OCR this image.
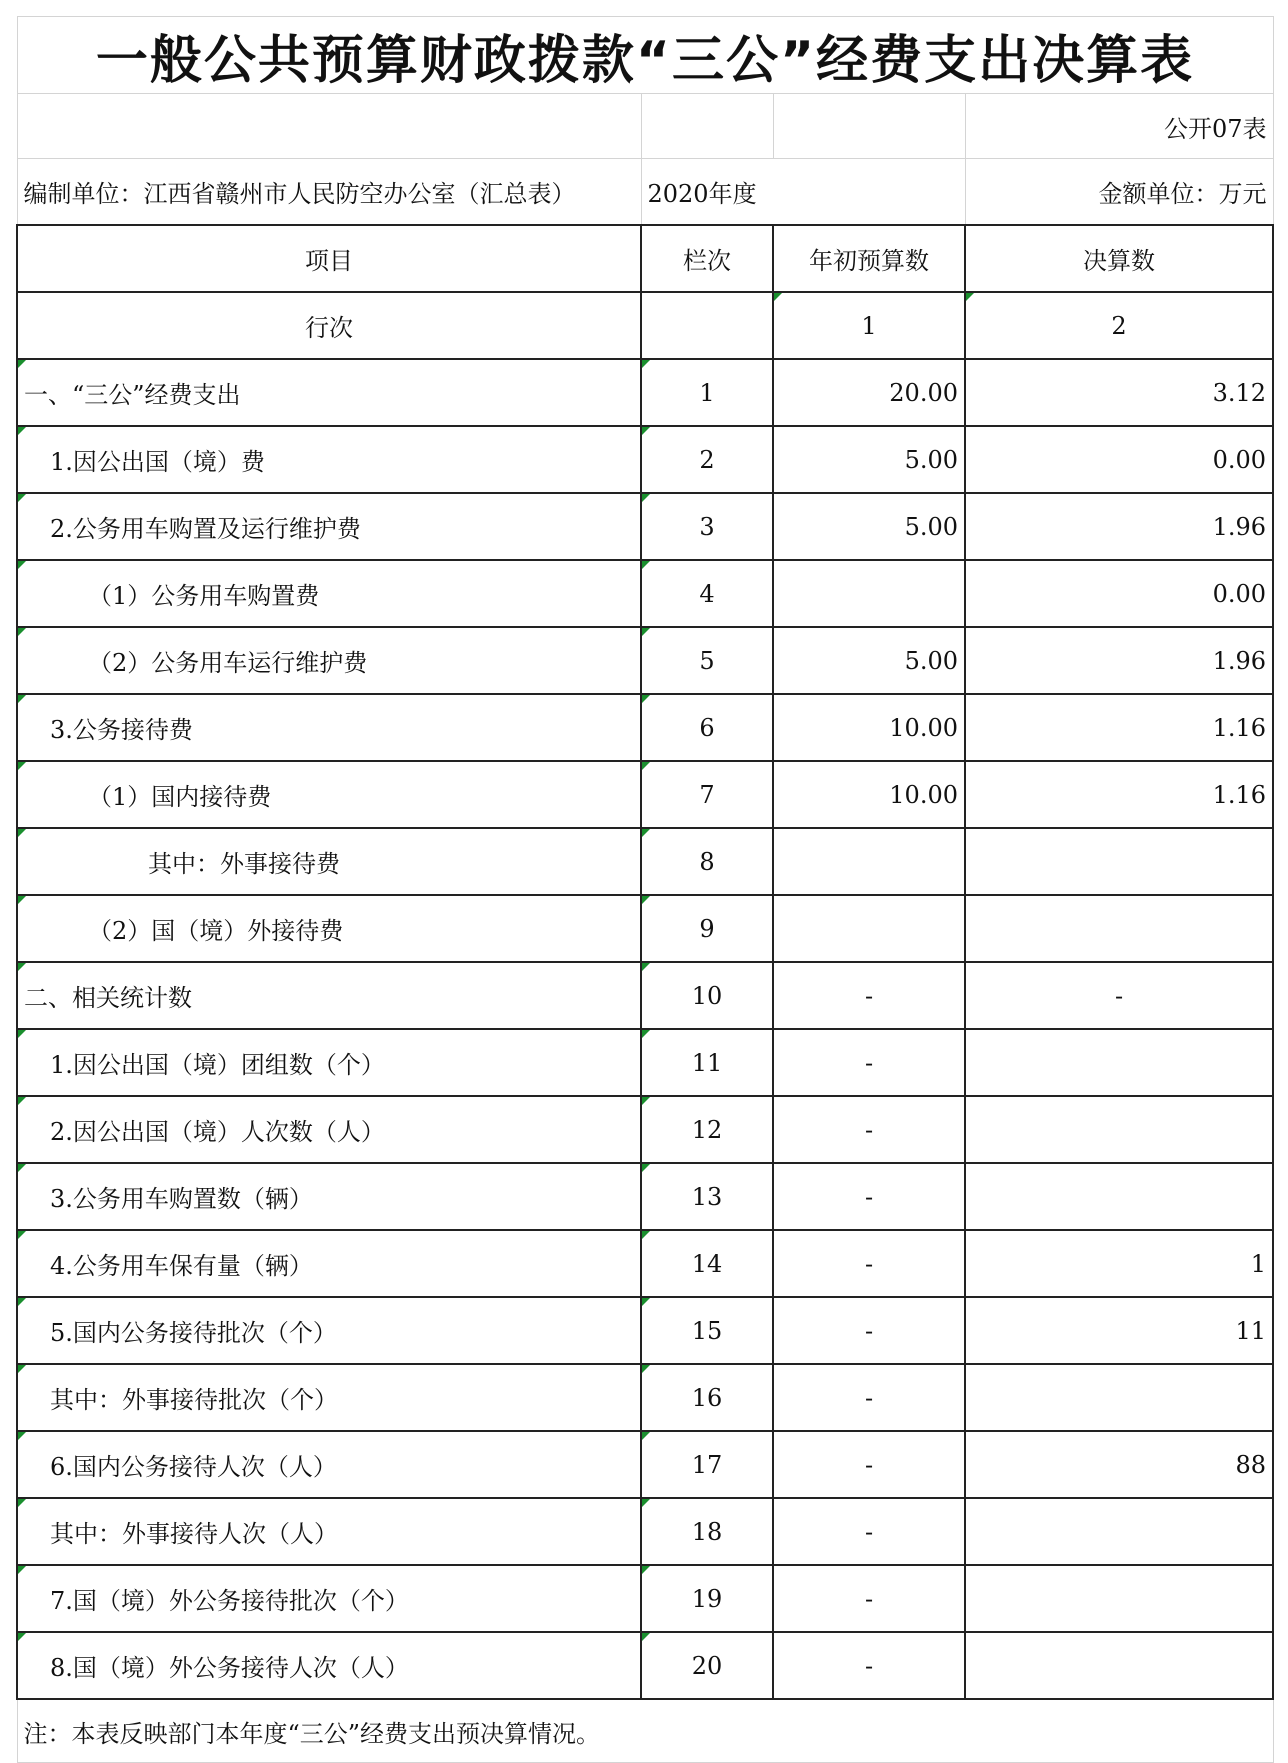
一般公共预算财政拨款“三公”经费支出决算表			
			公开07表
编制单位：江西省赣州市人民防空办公室（汇总表）	2020年度		金额单位：万元
项目	栏次	年初预算数	决算数
行次		1	2
一、“三公”经费支出	1	20.00	3.12
1.因公出国（境）费	2	5.00	0.00
2.公务用车购置及运行维护费	3	5.00	1.96
（1）公务用车购置费	4		0.00
（2）公务用车运行维护费	5	5.00	1.96
3.公务接待费	6	10.00	1.16
（1）国内接待费	7	10.00	1.16
其中：外事接待费	8		
（2）国（境）外接待费	9		
二、相关统计数	10	-	-
1.因公出国（境）团组数（个）	11	-	
2.因公出国（境）人次数（人）	12	-	
3.公务用车购置数（辆）	13	-	
4.公务用车保有量（辆）	14	-	1
5.国内公务接待批次（个）	15	-	11
其中：外事接待批次（个）	16	-	
6.国内公务接待人次（人）	17	-	88
其中：外事接待人次（人）	18	-	
7.国（境）外公务接待批次（个）	19	-	
8.国（境）外公务接待人次（人）	20	-	
注：本表反映部门本年度“三公”经费支出预决算情况。			
